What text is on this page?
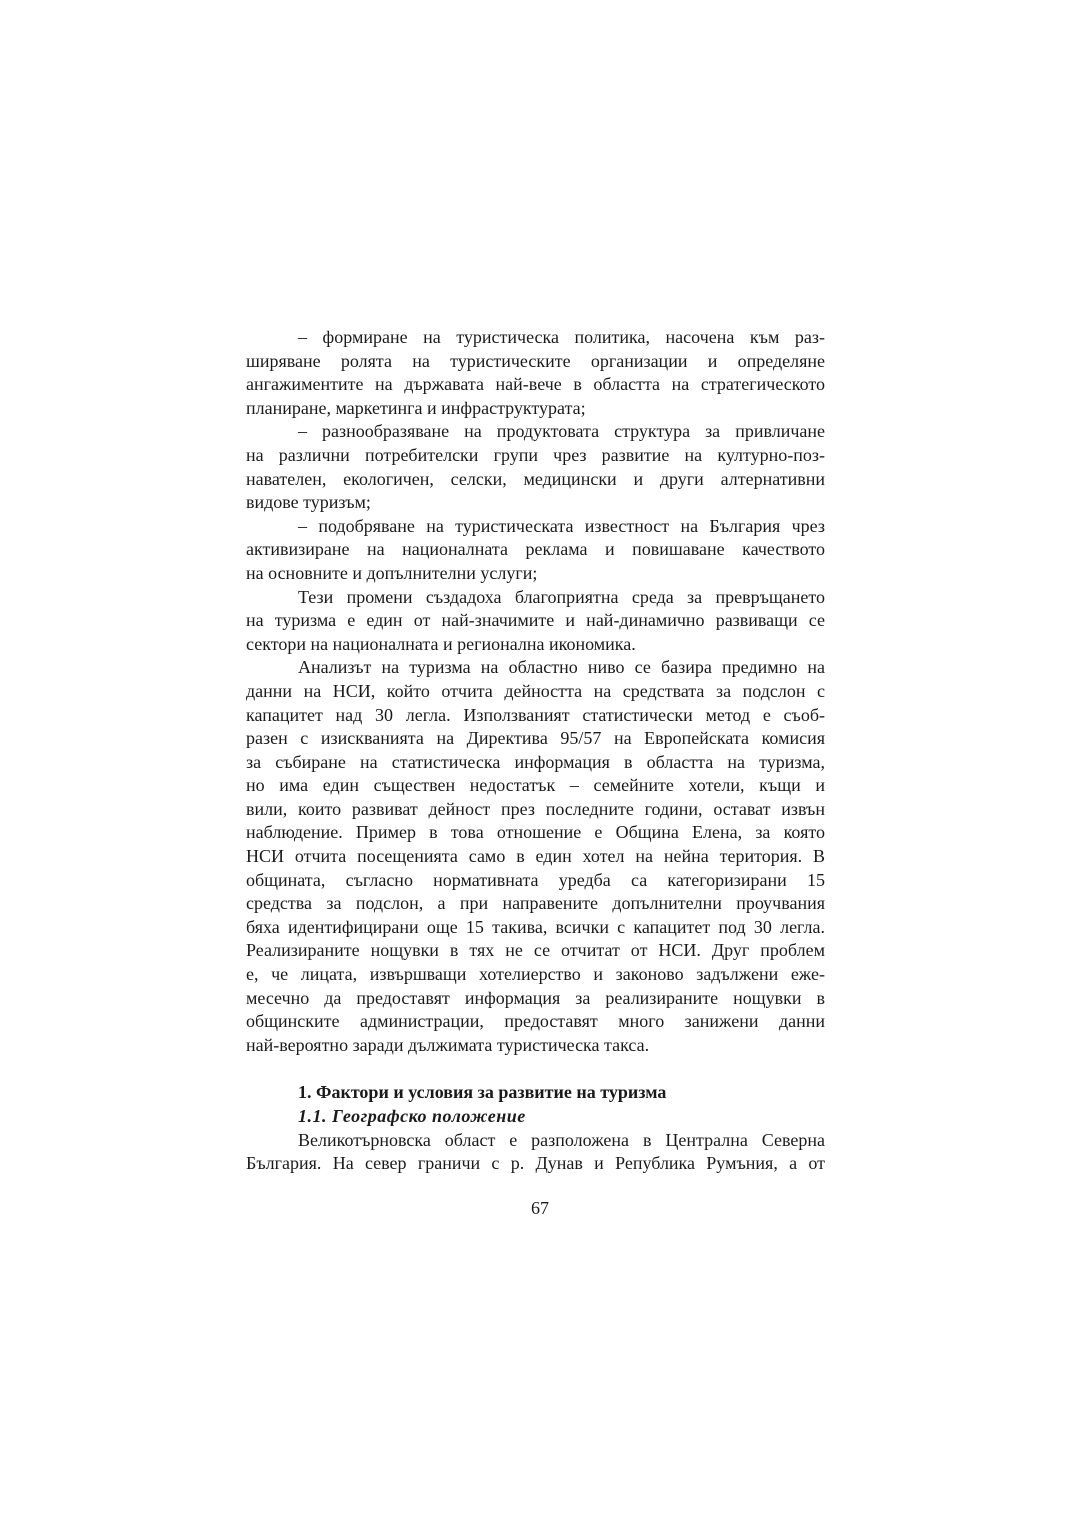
– формиране на туристическа политика, насочена към раз-
ширяване ролята на туристическите организации и определяне
ангажиментите на държавата най-вече в областта на стратегическото
планиране, маркетинга и инфраструктурата;
– разнообразяване на продуктовата структура за привличане
на различни потребителски групи чрез развитие на културно-поз-
навателен, екологичен, селски, медицински и други алтернативни
видове туризъм;
– подобряване на туристическата известност на България чрез
активизиране на националната реклама и повишаване качеството
на основните и допълнителни услуги;
Тези промени създадоха благоприятна среда за превръщането
на туризма е един от най-значимите и най-динамично развиващи се
сектори на националната и регионална икономика.
Анализът на туризма на областно ниво се базира предимно на
данни на НСИ, който отчита дейността на средствата за подслон с
капацитет над 30 легла. Използваният статистически метод е съоб-
разен с изискванията на Директива 95/57 на Европейската комисия
за събиране на статистическа информация в областта на туризма,
но има един съществен недостатък – семейните хотели, къщи и
вили, които развиват дейност през последните години, остават извън
наблюдение. Пример в това отношение е Община Елена, за която
НСИ отчита посещенията само в един хотел на нейна територия. В
общината, съгласно нормативната уредба са категоризирани 15
средства за подслон, а при направените допълнителни проучвания
бяха идентифицирани още 15 такива, всички с капацитет под 30 легла.
Реализираните нощувки в тях не се отчитат от НСИ. Друг проблем
е, че лицата, извършващи хотелиерство и законово задължени еже-
месечно да предоставят информация за реализираните нощувки в
общинските администрации, предоставят много занижени данни
най-вероятно заради дължимата туристическа такса.
1. Фактори и условия за развитие на туризма
1.1. Географско положение
Великотърновска област е разположена в Централна Северна
България. На север граничи с р. Дунав и Република Румъния, а от
67
